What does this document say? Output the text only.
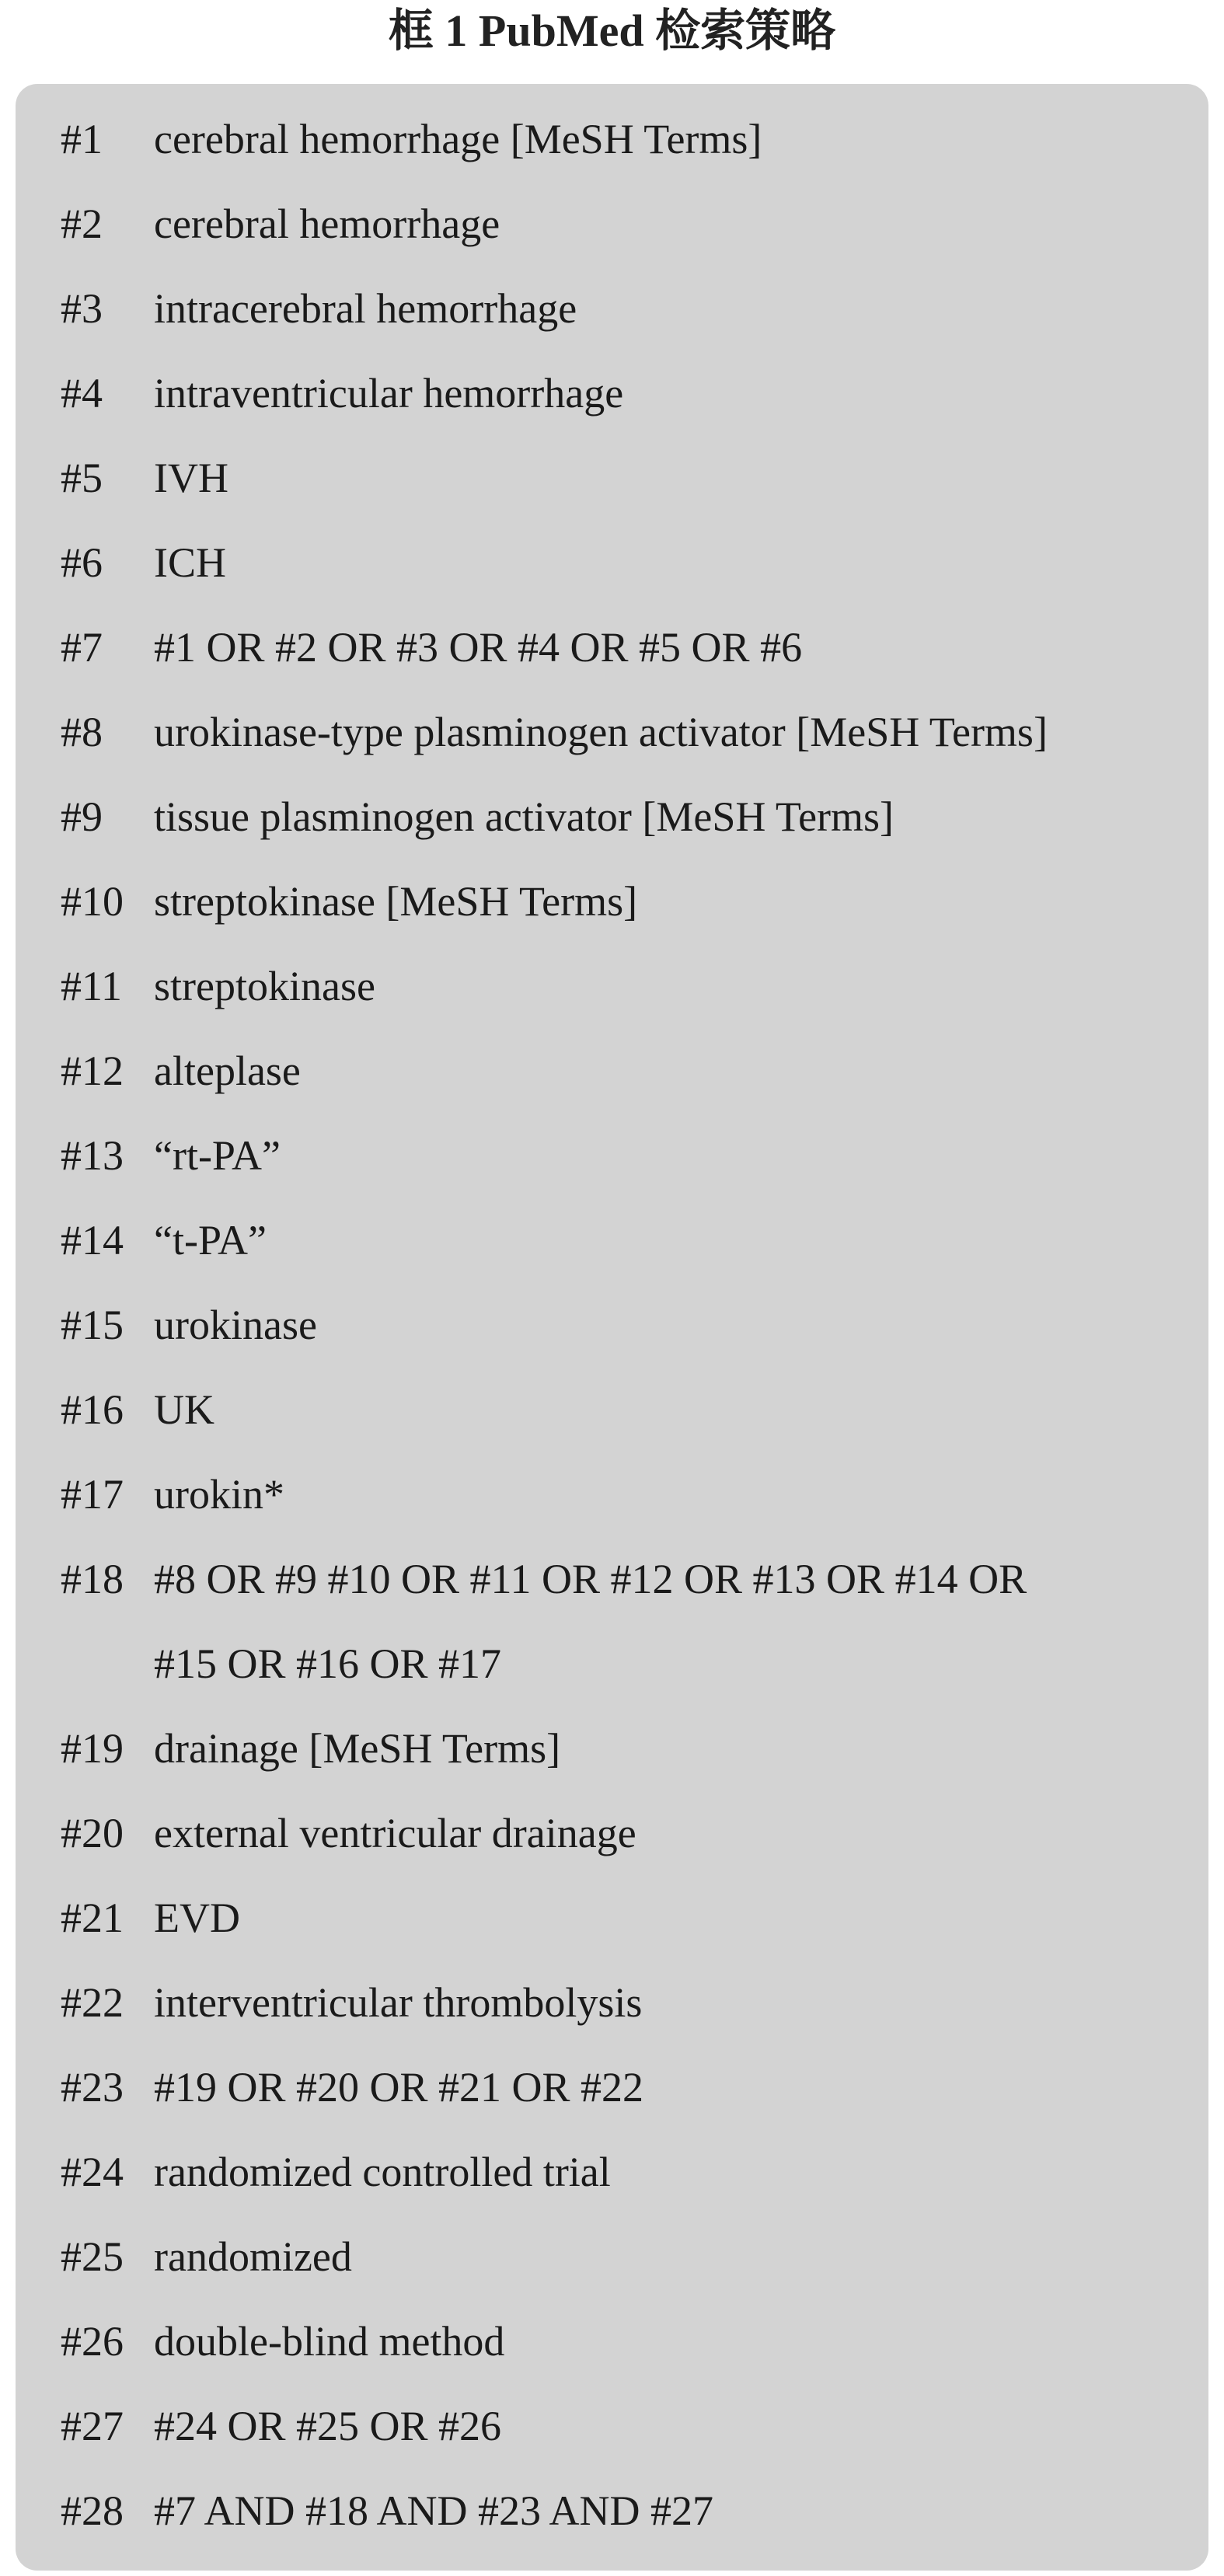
框 1 PubMed 检索策略
#1 cerebral hemorrhage [MeSH Terms]
#2 cerebral hemorrhage
#3 intracerebral hemorrhage
#4 intraventricular hemorrhage
#5 IVH
#6 ICH
#7 #1 OR #2 OR #3 OR #4 OR #5 OR #6
#8 urokinase-type plasminogen activator [MeSH Terms]
#9 tissue plasminogen activator [MeSH Terms]
#10 streptokinase [MeSH Terms]
#11 streptokinase
#12 alteplase
#13 “rt-PA”
#14 “t-PA”
#15 urokinase
#16 UK
#17 urokin*
#18 #8 OR #9 #10 OR #11 OR #12 OR #13 OR #14 OR
#15 OR #16 OR #17
#19 drainage [MeSH Terms]
#20 external ventricular drainage
#21 EVD
#22 interventricular thrombolysis
#23 #19 OR #20 OR #21 OR #22
#24 randomized controlled trial
#25 randomized
#26 double-blind method
#27 #24 OR #25 OR #26
#28 #7 AND #18 AND #23 AND #27
